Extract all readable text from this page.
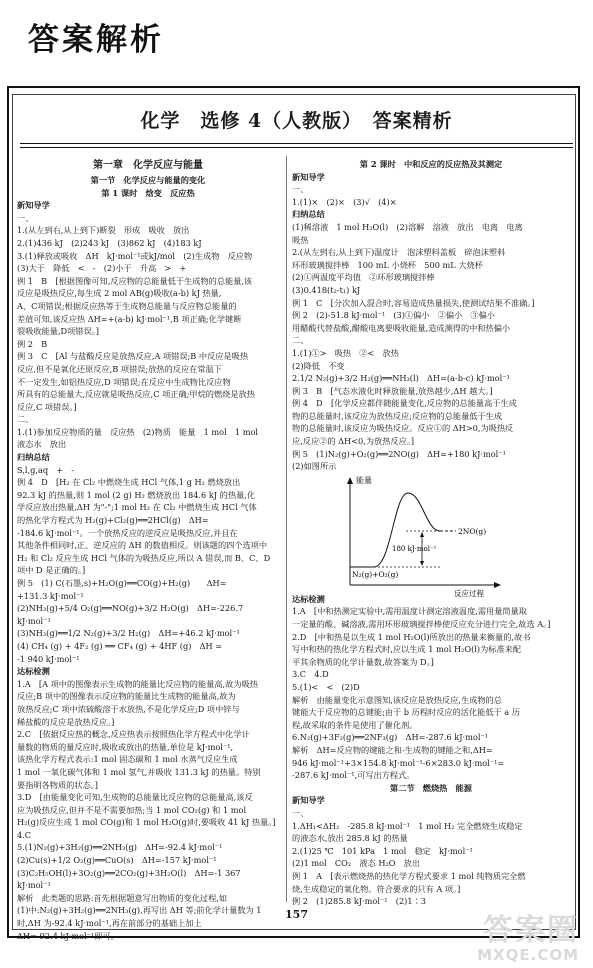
答案解析
化学　选修 4（人教版）　答案精析
第一章　化学反应与能量
第一节　化学反应与能量的变化
第 1 课时　焓变　反应热
新知导学
一、
1.(从左到右,从上到下)断裂　形成　吸收　放出
2.(1)436 kJ　(2)243 kJ　(3)862 kJ　(4)183 kJ
3.(1)释放或吸收　ΔH　kJ·mol⁻¹或kJ/mol　(2)生成物　反应物
(3)大于　降低　<　-　(2)小于　升高　>　+
例 1　B　[根据图像可知,反应物的总能量低于生成物的总能量,该
反应是吸热反应,每生成 2 mol AB(g)吸收(a-b) kJ 热量,
A、C项错误;根据反应热等于生成物总能量与反应物总能量的
差值可知,该反应热 ΔH=+(a-b) kJ·mol⁻¹,B 项正确;化学键断
裂吸收能量,D项错误。]
例 2　B
例 3　C　[Al 与盐酸反应是放热反应,A 项错误;B 中反应是吸热
反应,但不是氧化还原反应,B 项错误;放热的反应在常温下
不一定发生,如铝热反应,D 项错误;在反应中生成物比反应物
所具有的总能量大,反应就是吸热反应,C 项正确;甲烷的燃烧是放热
反应,C 项错误。]
二、
1.(1)参加反应物质的量　反应热　(2)物质　能量　1 mol　1 mol
液态水　放出
归纳总结
S,l,g,aq　+　-
例 4　D　[H₂ 在 Cl₂ 中燃烧生成 HCl 气体,1 g H₂ 燃烧放出
92.3 kJ 的热量,则 1 mol (2 g) H₂ 燃烧放出 184.6 kJ 的热量,化
学反应放出热量,ΔH 为"-";1 mol H₂ 在 Cl₂ 中燃烧生成 HCl 气体
的热化学方程式为 H₂(g)+Cl₂(g)══2HCl(g)　ΔH=
-184.6 kJ·mol⁻¹。一个放热反应的逆反应是吸热反应,并且在
其他条件相同时,正、逆反应的 ΔH 的数值相反。则该题的四个选项中
H₂ 和 Cl₂ 反应生成 HCl 气体的为吸热反应,所以 A 错误,而 B、C、D
项中 D 是正确的。]
例 5　(1) C(石墨,s)+H₂O(g)══CO(g)+H₂(g)　　ΔH=
+131.3 kJ·mol⁻¹
(2)NH₃(g)+5/4 O₂(g)══NO(g)+3/2 H₂O(g)　ΔH=-226.7
kJ·mol⁻¹
(3)NH₃(g)══1/2 N₂(g)+3/2 H₂(g)　ΔH=+46.2 kJ·mol⁻¹
(4) CH₄ (g) + 4F₂ (g) ══ CF₄ (g) + 4HF (g)　ΔH =
-1 940 kJ·mol⁻¹
达标检测
1.A　[A 项中的图像表示生成物的能量比反应物的能量高,故为吸热
反应;B 项中的图像表示反应物的能量比生成物的能量高,故为
放热反应;C 项中浓硫酸溶于水放热,不是化学反应;D 项中锌与
稀盐酸的反应是放热反应。]
2.C　[依据反应热的概念,反应热表示按照热化学方程式中化学计
量数的物质的量反应时,吸收或放出的热量,单位是 kJ·mol⁻¹,
该热化学方程式表示:1 mol 固态碳和 1 mol 水蒸气反应生成
1 mol 一氧化碳气体和 1 mol 氢气,并吸收 131.3 kJ 的热量。特别
要指明各物质的状态。]
3.D　[由能量变化可知,生成物的总能量比反应物的总能量高,该反
应为吸热反应,但并不是不需要加热;当 1 mol CO₂(g) 和 1 mol
H₂(g)反应生成 1 mol CO(g)和 1 mol H₂O(g)时,要吸收 41 kJ 热量。]
4.C
5.(1)N₂(g)+3H₂(g)══2NH₃(g)　ΔH=-92.4 kJ·mol⁻¹
(2)Cu(s)+1/2 O₂(g)══CuO(s)　ΔH=-157 kJ·mol⁻¹
(3)C₂H₅OH(l)+3O₂(g)══2CO₂(g)+3H₂O(l)　ΔH=-1 367
kJ·mol⁻¹
解析　此类题的思路:首先根据题意写出物质的变化过程,如
(1)中:N₂(g)+3H₂(g)══2NH₃(g),再写出 ΔH 等;前化学计量数为 1
时,ΔH 为-92.4 kJ·mol⁻¹,再在前部分的基础上加上
ΔH=-92.4 kJ·mol⁻¹即可。
第 2 课时　中和反应的反应热及其测定
新知导学
一、
1.(1)×　(2)×　(3)√　(4)×
归纳总结
(1)稀溶液　1 mol H₂O(l)　(2)溶解　溶液　放出　电离　电离
吸热
2.(从左到右,从上到下)温度计　泡沫塑料盖板　碎泡沫塑料
环形玻璃搅拌棒　100 mL 小烧杯　500 mL 大烧杯
(2)①两温度平均值　②环形玻璃搅拌棒
(3)0.418(t₂-t₁) kJ
例 1　C　[分次加入混合时,容易造成热量损失,使测试结果不准确。]
例 2　(2)-51.8 kJ·mol⁻¹　(3)①偏小　②偏小　③偏小
用醋酸代替盐酸,醋酸电离要吸收能量,造成测得的中和热偏小
二、
1.(1)①>　吸热　②<　放热
(2)降低　不变
2.1/2 N₂(g)+3/2 H₂(g)══NH₃(l)　ΔH=(a-b-c) kJ·mol⁻¹
例 3　B　[气态水液化时释放能量,放热越少,ΔH 越大。]
例 4　D　[化学反应都伴随能量变化,反应物的总能量高于生成
物的总能量时,该反应为放热反应;反应物的总能量低于生成
物的总能量时,该反应为吸热反应。反应①的 ΔH>0,为吸热反
应,反应②的 ΔH<0,为放热反应。]
例 5　(1)N₂(g)+O₂(g)══2NO(g)　ΔH=+180 kJ·mol⁻¹
(2)如图所示
能量
2NO(g)
180 kJ·mol⁻¹
N₂(g)+O₂(g)
反应过程
达标检测
1.A　[中和热测定实验中,需用温度计测定溶液温度,需用量筒量取
一定量的酸、碱溶液,需用环形玻璃搅拌棒使反应充分进行完全,故选 A。]
2.D　[中和热是以生成 1 mol H₂O(l)所放出的热量来衡量的,故书
写中和热的热化学方程式时,应以生成 1 mol H₂O(l)为标准来配
平其余物质的化学计量数,故答案为 D。]
3.C　4.D
5.(1)<　<　(2)D
解析　由能量变化示意图知,该反应是放热反应,生成物的总
键能大于反应物的总键能;由于 b 历程时反应的活化能低于 a 历
程,故采取的条件是使用了催化剂。
6.N₂(g)+3F₂(g)══2NF₃(g)　ΔH=-287.6 kJ·mol⁻¹
解析　ΔH=反应物的键能之和-生成物的键能之和,ΔH=
946 kJ·mol⁻¹+3×154.8 kJ·mol⁻¹-6×283.0 kJ·mol⁻¹=
-287.6 kJ·mol⁻¹,可写出方程式。
第二节　燃烧热　能源
新知导学
一、
1.ΔH₁<ΔH₂　-285.8 kJ·mol⁻¹　1 mol H₂ 完全燃烧生成稳定
的液态水,放出 285.8 kJ 的热量
2.(1)25 ℃　101 kPa　1 mol　稳定　kJ·mol⁻¹
(2)1 mol　CO₂　液态 H₂O　放出
例 1　A　[表示燃烧热的热化学方程式要求 1 mol 纯物质完全燃
烧,生成稳定的氧化物。符合要求的只有 A 项。]
例 2　(1)285.8 kJ·mol⁻¹　(2)1∶3
157	答案圈
MXQE.COM
